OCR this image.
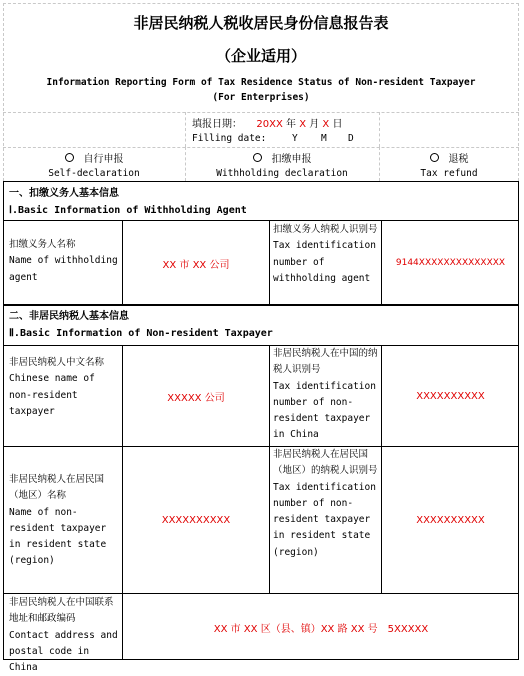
非居民纳税人税收居民身份信息报告表
（企业适用）
Information Reporting Form of Tax Residence Status of Non-resident Taxpayer
(For Enterprises)
填报日期： 20XX 年 X 月 X 日
Filling date:	Y M D
自行申报
Self-declaration
扣缴申报
Withholding declaration
退税
Tax refund
一、扣缴义务人基本信息
Ⅰ.Basic Information of Withholding Agent
扣缴义务人名称
Name of withholding agent
XX 市 XX 公司
扣缴义务人纳税人识别号
Tax identification number of withholding agent
9144XXXXXXXXXXXXXX
二、非居民纳税人基本信息
Ⅱ.Basic Information of Non-resident Taxpayer
非居民纳税人中文名称
Chinese name of non-resident taxpayer
XXXXX 公司
非居民纳税人在中国的纳税人识别号
Tax identification number of non-resident taxpayer in China
XXXXXXXXXX
非居民纳税人在居民国（地区）名称
Name of non-resident taxpayer in resident state (region)
XXXXXXXXXX
非居民纳税人在居民国（地区）的纳税人识别号
Tax identification number of non-resident taxpayer in resident state (region)
XXXXXXXXXX
非居民纳税人在中国联系地址和邮政编码
Contact address and postal code in China
XX 市 XX 区（县、镇）XX 路 XX 号　5XXXXX
